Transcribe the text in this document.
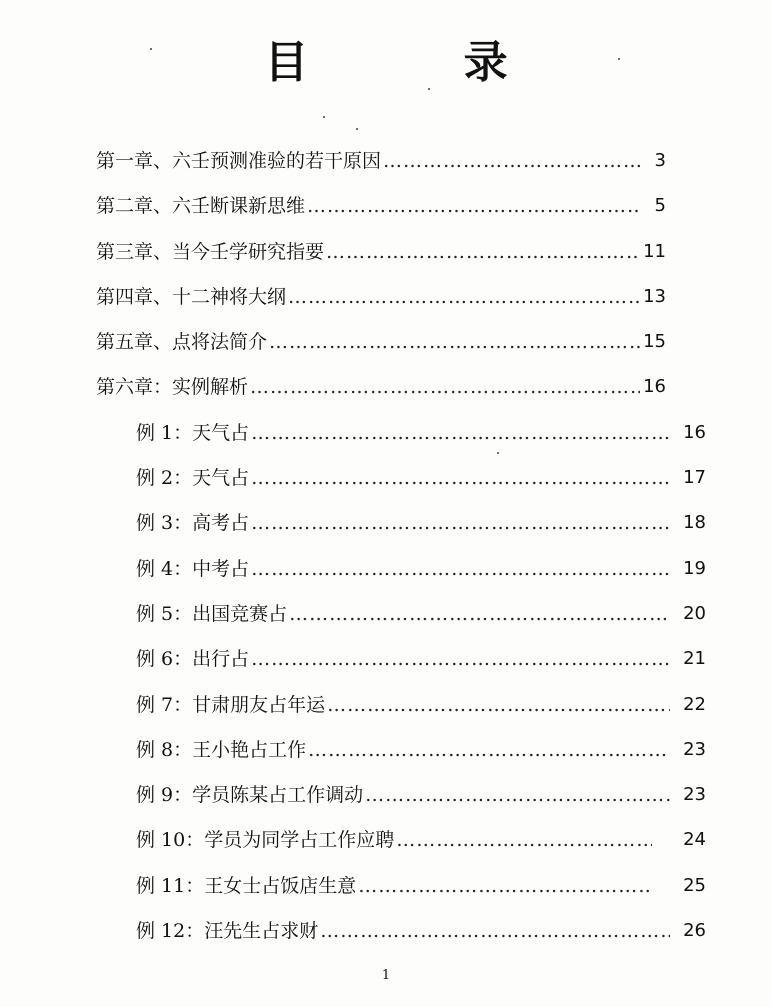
目 录
第一章、六壬预测准验的若干原因 …………………………………………………………………………………………………………………………	3
第二章、六壬断课新思维 …………………………………………………………………………………………………………………………	5
第三章、当今壬学研究指要 …………………………………………………………………………………………………………………………	11
第四章、十二神将大纲 …………………………………………………………………………………………………………………………	13
第五章、点将法简介 …………………………………………………………………………………………………………………………	15
第六章：实例解析 …………………………………………………………………………………………………………………………	16
例 1：天气占 …………………………………………………………………………………………………………………………	16
例 2：天气占 …………………………………………………………………………………………………………………………	17
例 3：高考占 …………………………………………………………………………………………………………………………	18
例 4：中考占 …………………………………………………………………………………………………………………………	19
例 5：出国竞赛占 …………………………………………………………………………………………………………………………	20
例 6：出行占 …………………………………………………………………………………………………………………………	21
例 7：甘肃朋友占年运 …………………………………………………………………………………………………………………………	22
例 8：王小艳占工作 …………………………………………………………………………………………………………………………	23
例 9：学员陈某占工作调动 …………………………………………………………………………………………………………………………	23
例 10：学员为同学占工作应聘 …………………………………………………………………………………………………………………………	24
例 11：王女士占饭店生意 …………………………………………………………………………………………………………………………	25
例 12：汪先生占求财 …………………………………………………………………………………………………………………………	26
1
